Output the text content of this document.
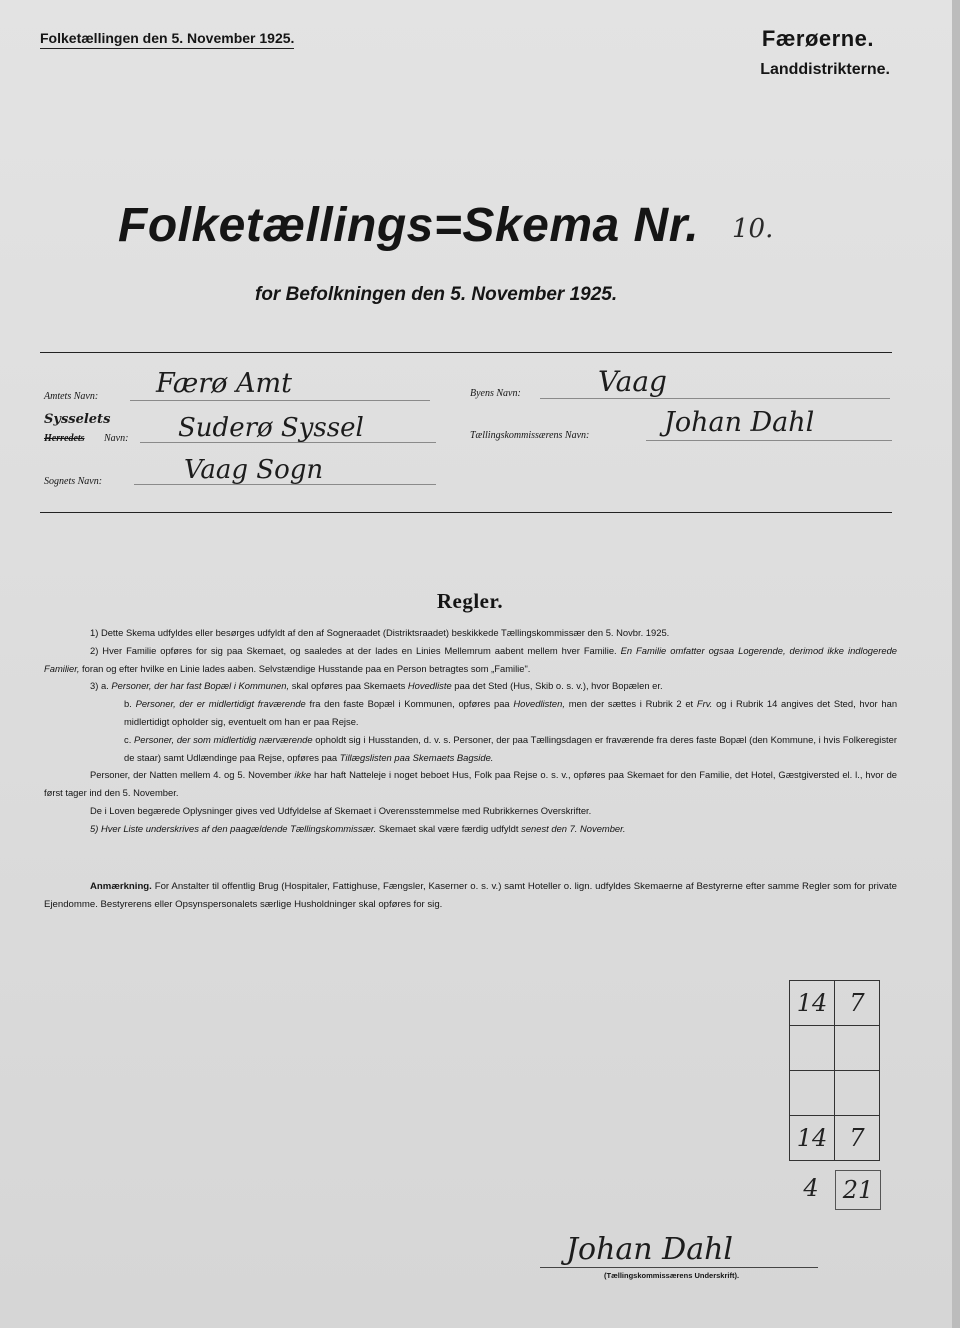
Folketællingen den 5. November 1925.	Færøerne.
Landdistrikterne.
Folketællings=Skema Nr. 10.
for Befolkningen den 5. November 1925.
Amtets Navn: Færø Amt
Sysselets
Herredets Navn: Suderø Syssel
Sognets Navn:	Vaag Sogn
Byens Navn:	Vaag
Tællingskommissærens Navn:	Johan Dahl
Regler.

1) Dette Skema udfyldes eller besørges udfyldt af den af Sogneraadet (Distriktsraadet) beskikkede Tællingskommissær den 5. Novbr. 1925.

2) Hver Familie opføres for sig paa Skemaet, og saaledes at der lades en Linies Mellemrum aabent mellem hver Familie. En Familie omfatter ogsaa Logerende, derimod ikke indlogerede Familier, foran og efter hvilke en Linie lades aaben. Selvstændige Husstande paa en Person betragtes som „Familie".

3) a. Personer, der har fast Bopæl i Kommunen, skal opføres paa Skemaets Hovedliste paa det Sted (Hus, Skib o. s. v.), hvor Bopælen er.

b. Personer, der er midlertidigt fraværende fra den faste Bopæl i Kommunen, opføres paa Hovedlisten, men der sættes i Rubrik 2 et Frv. og i Rubrik 14 angives det Sted, hvor han midlertidigt opholder sig, eventuelt om han er paa Rejse.

c. Personer, der som midlertidig nærværende opholdt sig i Husstanden, d. v. s. Personer, der paa Tællingsdagen er fraværende fra deres faste Bopæl (den Kommune, i hvis Folkeregister de staar) samt Udlændinge paa Rejse, opføres paa Tillægslisten paa Skemaets Bagside.

Personer, der Natten mellem 4. og 5. November ikke har haft Natteleje i noget beboet Hus, Folk paa Rejse o. s. v., opføres paa Skemaet for den Familie, det Hotel, Gæstgiversted el. l., hvor de først tager ind den 5. November.

De i Loven begærede Oplysninger gives ved Udfyldelse af Skemaet i Overensstemmelse med Rubrikkernes Overskrifter.

5) Hver Liste underskrives af den paagældende Tællingskommissær. Skemaet skal være færdig udfyldt senest den 7. November.

Anmærkning. For Anstalter til offentlig Brug (Hospitaler, Fattighuse, Fængsler, Kaserner o. s. v.) samt Hoteller o. lign. udfyldes Skemaerne af Bestyrerne efter samme Regler som for private Ejendomme. Bestyrerens eller Opsynspersonalets særlige Husholdninger skal opføres for sig.

14	7

14	7
4 21
Johan Dahl
(Tællingskommissærens Underskrift).
